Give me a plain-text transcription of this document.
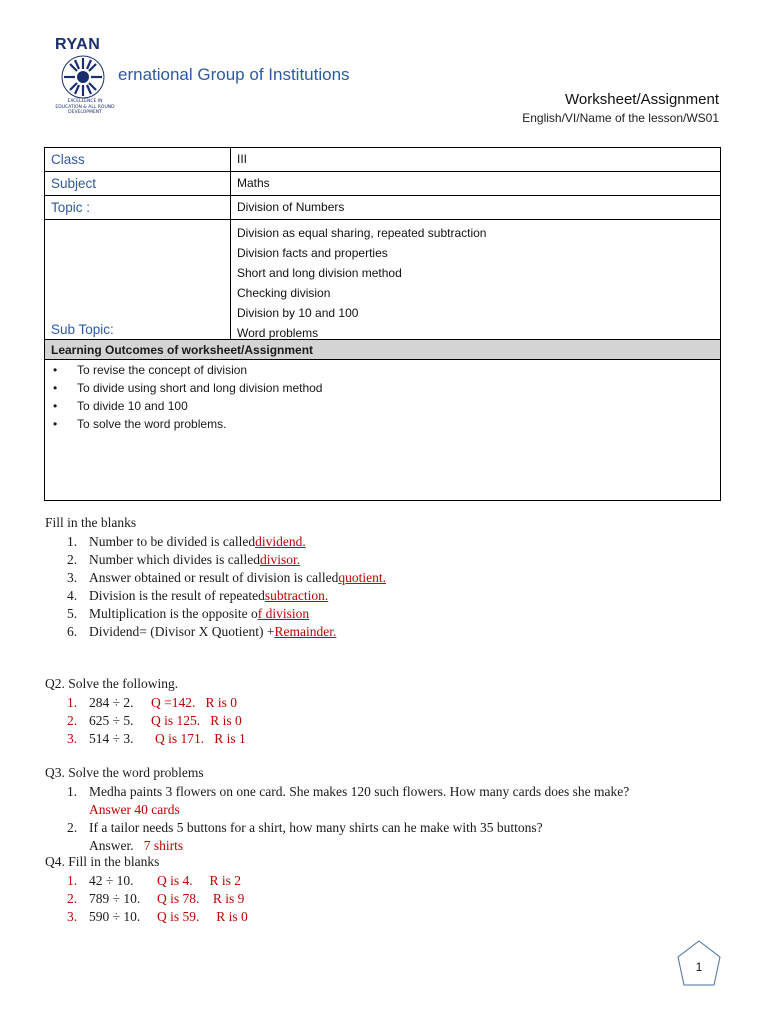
RYAN
EXCELLENCE IN EDUCATION & ALL ROUND DEVELOPMENT
ernational Group of Institutions
Worksheet/Assignment
English/VI/Name of the lesson/WS01
Class	III
Subject	Maths
Topic :	Division of Numbers
Sub Topic:
Division as equal sharing, repeated subtraction
Division facts and properties
Short and long division method
Checking division
Division by 10 and 100
Word problems
Learning Outcomes of worksheet/Assignment
•	To revise the concept of division
•	To divide using short and long division method
•	To divide 10 and 100
•	To solve the word problems.
Fill in the blanks
1. Number to be divided is called dividend.
2. Number which divides is called divisor.
3. Answer obtained or result of division is called quotient.
4. Division is the result of repeated subtraction.
5. Multiplication is the opposite o f division
6. Dividend= (Divisor X Quotient) + Remainder.
Q2. Solve the following.
1. 284 ÷ 2.	Q =142.   R is 0
2. 625 ÷ 5.	Q is 125.   R is 0
3. 514 ÷ 3.	Q is 171.   R is 1
Q3. Solve the word problems
1. Medha paints 3 flowers on one card. She makes 120 such flowers. How many cards does she make?
Answer 40 cards
2. If a tailor needs 5 buttons for a shirt, how many shirts can he make with 35 buttons?
Answer. 7 shirts
Q4. Fill in the blanks
1. 42 ÷ 10.	Q is 4.     R is 2
2. 789 ÷ 10.	Q is 78.    R is 9
3. 590 ÷ 10.	Q is 59.     R is 0
1
